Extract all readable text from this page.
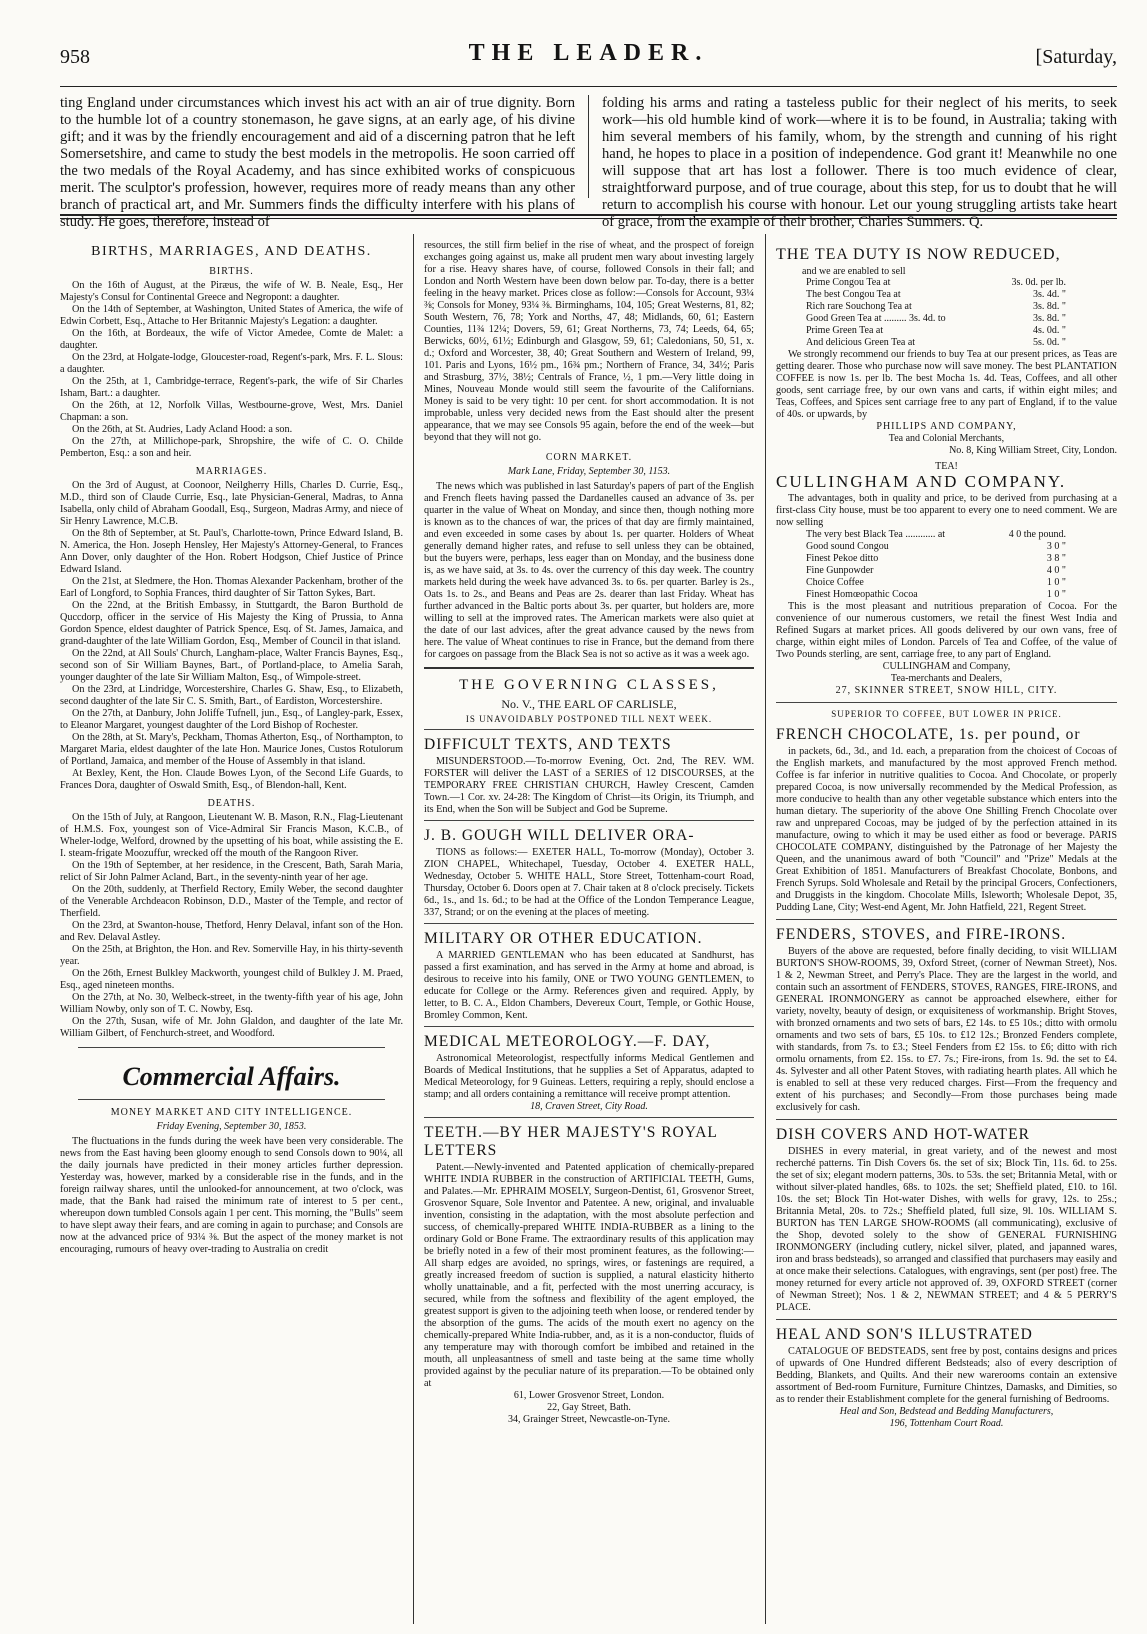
958	THE LEADER.	[Saturday,
ting England under circumstances which invest his act with an air of true dignity. Born to the humble lot of a country stonemason, he gave signs, at an early age, of his divine gift; and it was by the friendly encouragement and aid of a discerning patron that he left Somersetshire, and came to study the best models in the metropolis. He soon carried off the two medals of the Royal Academy, and has since exhibited works of conspicuous merit. The sculptor's profession, however, requires more of ready means than any other branch of practical art, and Mr. Summers finds the difficulty interfere with his plans of study. He goes, therefore, instead of
folding his arms and rating a tasteless public for their neglect of his merits, to seek work—his old humble kind of work—where it is to be found, in Australia; taking with him several members of his family, whom, by the strength and cunning of his right hand, he hopes to place in a position of independence. God grant it! Meanwhile no one will suppose that art has lost a follower. There is too much evidence of clear, straightforward purpose, and of true courage, about this step, for us to doubt that he will return to accomplish his course with honour. Let our young struggling artists take heart of grace, from the example of their brother, Charles Summers. Q.
BIRTHS, MARRIAGES, AND DEATHS.
BIRTHS.

On the 16th of August, at the Piræus, the wife of W. B. Neale, Esq., Her Majesty's Consul for Continental Greece and Negropont: a daughter.

On the 14th of September, at Washington, United States of America, the wife of Edwin Corbett, Esq., Attache to Her Britannic Majesty's Legation: a daughter.

On the 16th, at Bordeaux, the wife of Victor Amedee, Comte de Malet: a daughter.

On the 23rd, at Holgate-lodge, Gloucester-road, Regent's-park, Mrs. F. L. Slous: a daughter.

On the 25th, at 1, Cambridge-terrace, Regent's-park, the wife of Sir Charles Isham, Bart.: a daughter.

On the 26th, at 12, Norfolk Villas, Westbourne-grove, West, Mrs. Daniel Chapman: a son.

On the 26th, at St. Audries, Lady Acland Hood: a son.

On the 27th, at Millichope-park, Shropshire, the wife of C. O. Childe Pemberton, Esq.: a son and heir.

MARRIAGES.

On the 3rd of August, at Coonoor, Neilgherry Hills, Charles D. Currie, Esq., M.D., third son of Claude Currie, Esq., late Physician-General, Madras, to Anna Isabella, only child of Abraham Goodall, Esq., Surgeon, Madras Army, and niece of Sir Henry Lawrence, M.C.B.

On the 8th of September, at St. Paul's, Charlotte-town, Prince Edward Island, B. N. America, the Hon. Joseph Hensley, Her Majesty's Attorney-General, to Frances Ann Dover, only daughter of the Hon. Robert Hodgson, Chief Justice of Prince Edward Island.

On the 21st, at Sledmere, the Hon. Thomas Alexander Packenham, brother of the Earl of Longford, to Sophia Frances, third daughter of Sir Tatton Sykes, Bart.

On the 22nd, at the British Embassy, in Stuttgardt, the Baron Burthold de Quccdorp, officer in the service of His Majesty the King of Prussia, to Anna Gordon Spence, eldest daughter of Patrick Spence, Esq. of St. James, Jamaica, and grand-daughter of the late William Gordon, Esq., Member of Council in that island.

On the 22nd, at All Souls' Church, Langham-place, Walter Francis Baynes, Esq., second son of Sir William Baynes, Bart., of Portland-place, to Amelia Sarah, younger daughter of the late Sir William Malton, Esq., of Wimpole-street.

On the 23rd, at Lindridge, Worcestershire, Charles G. Shaw, Esq., to Elizabeth, second daughter of the late Sir C. S. Smith, Bart., of Eardiston, Worcestershire.

On the 27th, at Danbury, John Joliffe Tufnell, jun., Esq., of Langley-park, Essex, to Eleanor Margaret, youngest daughter of the Lord Bishop of Rochester.

On the 28th, at St. Mary's, Peckham, Thomas Atherton, Esq., of Northampton, to Margaret Maria, eldest daughter of the late Hon. Maurice Jones, Custos Rotulorum of Portland, Jamaica, and member of the House of Assembly in that island.

At Bexley, Kent, the Hon. Claude Bowes Lyon, of the Second Life Guards, to Frances Dora, daughter of Oswald Smith, Esq., of Blendon-hall, Kent.

DEATHS.

On the 15th of July, at Rangoon, Lieutenant W. B. Mason, R.N., Flag-Lieutenant of H.M.S. Fox, youngest son of Vice-Admiral Sir Francis Mason, K.C.B., of Wheler-lodge, Welford, drowned by the upsetting of his boat, while assisting the E. I. steam-frigate Moozuffur, wrecked off the mouth of the Rangoon River.

On the 19th of September, at her residence, in the Crescent, Bath, Sarah Maria, relict of Sir John Palmer Acland, Bart., in the seventy-ninth year of her age.

On the 20th, suddenly, at Therfield Rectory, Emily Weber, the second daughter of the Venerable Archdeacon Robinson, D.D., Master of the Temple, and rector of Therfield.

On the 23rd, at Swanton-house, Thetford, Henry Delaval, infant son of the Hon. and Rev. Delaval Astley.

On the 25th, at Brighton, the Hon. and Rev. Somerville Hay, in his thirty-seventh year.

On the 26th, Ernest Bulkley Mackworth, youngest child of Bulkley J. M. Praed, Esq., aged nineteen months.

On the 27th, at No. 30, Welbeck-street, in the twenty-fifth year of his age, John William Nowby, only son of T. C. Nowby, Esq.

On the 27th, Susan, wife of Mr. John Glaldon, and daughter of the late Mr. William Gilbert, of Fenchurch-street, and Woodford.

Commercial Affairs.
MONEY MARKET AND CITY INTELLIGENCE.
Friday Evening, September 30, 1853.

The fluctuations in the funds during the week have been very considerable. The news from the East having been gloomy enough to send Consols down to 90¼, all the daily journals have predicted in their money articles further depression. Yesterday was, however, marked by a considerable rise in the funds, and in the foreign railway shares, until the unlooked-for announcement, at two o'clock, was made, that the Bank had raised the minimum rate of interest to 5 per cent., whereupon down tumbled Consols again 1 per cent. This morning, the "Bulls" seem to have slept away their fears, and are coming in again to purchase; and Consols are now at the advanced price of 93¼ ⅜. But the aspect of the money market is not encouraging, rumours of heavy over-trading to Australia on credit

resources, the still firm belief in the rise of wheat, and the prospect of foreign exchanges going against us, make all prudent men wary about investing largely for a rise. Heavy shares have, of course, followed Consols in their fall; and London and North Western have been down below par. To-day, there is a better feeling in the heavy market. Prices close as follow:—Consols for Account, 93¼ ⅜; Consols for Money, 93¼ ⅜. Birminghams, 104, 105; Great Westerns, 81, 82; South Western, 76, 78; York and Norths, 47, 48; Midlands, 60, 61; Eastern Counties, 11¾ 12¼; Dovers, 59, 61; Great Northerns, 73, 74; Leeds, 64, 65; Berwicks, 60½, 61½; Edinburgh and Glasgow, 59, 61; Caledonians, 50, 51, x. d.; Oxford and Worcester, 38, 40; Great Southern and Western of Ireland, 99, 101. Paris and Lyons, 16½ pm., 16¾ pm.; Northern of France, 34, 34½; Paris and Strasburg, 37½, 38½; Centrals of France, ½, 1 pm.—Very little doing in Mines, Nouveau Monde would still seem the favourite of the Californians. Money is said to be very tight: 10 per cent. for short accommodation. It is not improbable, unless very decided news from the East should alter the present appearance, that we may see Consols 95 again, before the end of the week—but beyond that they will not go.

CORN MARKET.
Mark Lane, Friday, September 30, 1153.

The news which was published in last Saturday's papers of part of the English and French fleets having passed the Dardanelles caused an advance of 3s. per quarter in the value of Wheat on Monday, and since then, though nothing more is known as to the chances of war, the prices of that day are firmly maintained, and even exceeded in some cases by about 1s. per quarter. Holders of Wheat generally demand higher rates, and refuse to sell unless they can be obtained, but the buyers were, perhaps, less eager than on Monday, and the business done is, as we have said, at 3s. to 4s. over the currency of this day week. The country markets held during the week have advanced 3s. to 6s. per quarter. Barley is 2s., Oats 1s. to 2s., and Beans and Peas are 2s. dearer than last Friday. Wheat has further advanced in the Baltic ports about 3s. per quarter, but holders are, more willing to sell at the improved rates. The American markets were also quiet at the date of our last advices, after the great advance caused by the news from here. The value of Wheat continues to rise in France, but the demand from there for cargoes on passage from the Black Sea is not so active as it was a week ago.

THE GOVERNING CLASSES,
No. V., THE EARL OF CARLISLE,
IS UNAVOIDABLY POSTPONED TILL NEXT WEEK.
DIFFICULT TEXTS, AND TEXTS

MISUNDERSTOOD.—To-morrow Evening, Oct. 2nd, The REV. WM. FORSTER will deliver the LAST of a SERIES of 12 DISCOURSES, at the TEMPORARY FREE CHRISTIAN CHURCH, Hawley Crescent, Camden Town.—1 Cor. xv. 24-28: The Kingdom of Christ—its Origin, its Triumph, and its End, when the Son will be Subject and God be Supreme.

J. B. GOUGH WILL DELIVER ORA-

TIONS as follows:— EXETER HALL, To-morrow (Monday), October 3. ZION CHAPEL, Whitechapel, Tuesday, October 4. EXETER HALL, Wednesday, October 5. WHITE HALL, Store Street, Tottenham-court Road, Thursday, October 6. Doors open at 7. Chair taken at 8 o'clock precisely. Tickets 6d., 1s., and 1s. 6d.; to be had at the Office of the London Temperance League, 337, Strand; or on the evening at the places of meeting.

MILITARY OR OTHER EDUCATION.

A MARRIED GENTLEMAN who has been educated at Sandhurst, has passed a first examination, and has served in the Army at home and abroad, is desirous to receive into his family, ONE or TWO YOUNG GENTLEMEN, to educate for College or the Army. References given and required. Apply, by letter, to B. C. A., Eldon Chambers, Devereux Court, Temple, or Gothic House, Bromley Common, Kent.

MEDICAL METEOROLOGY.—F. DAY,

Astronomical Meteorologist, respectfully informs Medical Gentlemen and Boards of Medical Institutions, that he supplies a Set of Apparatus, adapted to Medical Meteorology, for 9 Guineas. Letters, requiring a reply, should enclose a stamp; and all orders containing a remittance will receive prompt attention.

18, Craven Street, City Road.
TEETH.—BY HER MAJESTY'S ROYAL LETTERS

Patent.—Newly-invented and Patented application of chemically-prepared WHITE INDIA RUBBER in the construction of ARTIFICIAL TEETH, Gums, and Palates.—Mr. EPHRAIM MOSELY, Surgeon-Dentist, 61, Grosvenor Street, Grosvenor Square, Sole Inventor and Patentee. A new, original, and invaluable invention, consisting in the adaptation, with the most absolute perfection and success, of chemically-prepared WHITE INDIA-RUBBER as a lining to the ordinary Gold or Bone Frame. The extraordinary results of this application may be briefly noted in a few of their most prominent features, as the following:—All sharp edges are avoided, no springs, wires, or fastenings are required, a greatly increased freedom of suction is supplied, a natural elasticity hitherto wholly unattainable, and a fit, perfected with the most unerring accuracy, is secured, while from the softness and flexibility of the agent employed, the greatest support is given to the adjoining teeth when loose, or rendered tender by the absorption of the gums. The acids of the mouth exert no agency on the chemically-prepared White India-rubber, and, as it is a non-conductor, fluids of any temperature may with thorough comfort be imbibed and retained in the mouth, all unpleasantness of smell and taste being at the same time wholly provided against by the peculiar nature of its preparation.—To be obtained only at

61, Lower Grosvenor Street, London.
22, Gay Street, Bath.
34, Grainger Street, Newcastle-on-Tyne.
THE TEA DUTY IS NOW REDUCED,
and we are enabled to sell
Prime Congou Tea at	3s. 0d. per lb.
The best Congou Tea at	3s. 4d. "
Rich rare Souchong Tea at	3s. 8d. "
Good Green Tea at ......... 3s. 4d. to	3s. 8d. "
Prime Green Tea at	4s. 0d. "
And delicious Green Tea at	5s. 0d. "

We strongly recommend our friends to buy Tea at our present prices, as Teas are getting dearer. Those who purchase now will save money. The best PLANTATION COFFEE is now 1s. per lb. The best Mocha 1s. 4d. Teas, Coffees, and all other goods, sent carriage free, by our own vans and carts, if within eight miles; and Teas, Coffees, and Spices sent carriage free to any part of England, if to the value of 40s. or upwards, by

PHILLIPS AND COMPANY,
Tea and Colonial Merchants,
No. 8, King William Street, City, London.
TEA!
CULLINGHAM AND COMPANY.

The advantages, both in quality and price, to be derived from purchasing at a first-class City house, must be too apparent to every one to need comment. We are now selling

The very best Black Tea ............ at	4 0 the pound.
Good sound Congou	3 0 "
Finest Pekoe ditto	3 8 "
Fine Gunpowder	4 0 "
Choice Coffee	1 0 "
Finest Homœopathic Cocoa	1 0 "

This is the most pleasant and nutritious preparation of Cocoa. For the convenience of our numerous customers, we retail the finest West India and Refined Sugars at market prices. All goods delivered by our own vans, free of charge, within eight miles of London. Parcels of Tea and Coffee, of the value of Two Pounds sterling, are sent, carriage free, to any part of England.

CULLINGHAM and Company,
Tea-merchants and Dealers,
27, SKINNER STREET, SNOW HILL, CITY.
SUPERIOR TO COFFEE, BUT LOWER IN PRICE.
FRENCH CHOCOLATE, 1s. per pound, or

in packets, 6d., 3d., and 1d. each, a preparation from the choicest of Cocoas of the English markets, and manufactured by the most approved French method. Coffee is far inferior in nutritive qualities to Cocoa. And Chocolate, or properly prepared Cocoa, is now universally recommended by the Medical Profession, as more conducive to health than any other vegetable substance which enters into the human dietary. The superiority of the above One Shilling French Chocolate over raw and unprepared Cocoas, may be judged of by the perfection attained in its manufacture, owing to which it may be used either as food or beverage. PARIS CHOCOLATE COMPANY, distinguished by the Patronage of her Majesty the Queen, and the unanimous award of both "Council" and "Prize" Medals at the Great Exhibition of 1851. Manufacturers of Breakfast Chocolate, Bonbons, and French Syrups. Sold Wholesale and Retail by the principal Grocers, Confectioners, and Druggists in the kingdom. Chocolate Mills, Isleworth; Wholesale Depot, 35, Pudding Lane, City; West-end Agent, Mr. John Hatfield, 221, Regent Street.

FENDERS, STOVES, and FIRE-IRONS.

Buyers of the above are requested, before finally deciding, to visit WILLIAM BURTON'S SHOW-ROOMS, 39, Oxford Street, (corner of Newman Street), Nos. 1 & 2, Newman Street, and Perry's Place. They are the largest in the world, and contain such an assortment of FENDERS, STOVES, RANGES, FIRE-IRONS, and GENERAL IRONMONGERY as cannot be approached elsewhere, either for variety, novelty, beauty of design, or exquisiteness of workmanship. Bright Stoves, with bronzed ornaments and two sets of bars, £2 14s. to £5 10s.; ditto with ormolu ornaments and two sets of bars, £5 10s. to £12 12s.; Bronzed Fenders complete, with standards, from 7s. to £3.; Steel Fenders from £2 15s. to £6; ditto with rich ormolu ornaments, from £2. 15s. to £7. 7s.; Fire-irons, from 1s. 9d. the set to £4. 4s. Sylvester and all other Patent Stoves, with radiating hearth plates. All which he is enabled to sell at these very reduced charges. First—From the frequency and extent of his purchases; and Secondly—From those purchases being made exclusively for cash.

DISH COVERS AND HOT-WATER

DISHES in every material, in great variety, and of the newest and most recherché patterns. Tin Dish Covers 6s. the set of six; Block Tin, 11s. 6d. to 25s. the set of six; elegant modern patterns, 30s. to 53s. the set; Britannia Metal, with or without silver-plated handles, 68s. to 102s. the set; Sheffield plated, £10. to 16l. 10s. the set; Block Tin Hot-water Dishes, with wells for gravy, 12s. to 25s.; Britannia Metal, 20s. to 72s.; Sheffield plated, full size, 9l. 10s. WILLIAM S. BURTON has TEN LARGE SHOW-ROOMS (all communicating), exclusive of the Shop, devoted solely to the show of GENERAL FURNISHING IRONMONGERY (including cutlery, nickel silver, plated, and japanned wares, iron and brass bedsteads), so arranged and classified that purchasers may easily and at once make their selections. Catalogues, with engravings, sent (per post) free. The money returned for every article not approved of. 39, OXFORD STREET (corner of Newman Street); Nos. 1 & 2, NEWMAN STREET; and 4 & 5 PERRY'S PLACE.

HEAL AND SON'S ILLUSTRATED

CATALOGUE OF BEDSTEADS, sent free by post, contains designs and prices of upwards of One Hundred different Bedsteads; also of every description of Bedding, Blankets, and Quilts. And their new warerooms contain an extensive assortment of Bed-room Furniture, Furniture Chintzes, Damasks, and Dimities, so as to render their Establishment complete for the general furnishing of Bedrooms.

Heal and Son, Bedstead and Bedding Manufacturers,
196, Tottenham Court Road.
